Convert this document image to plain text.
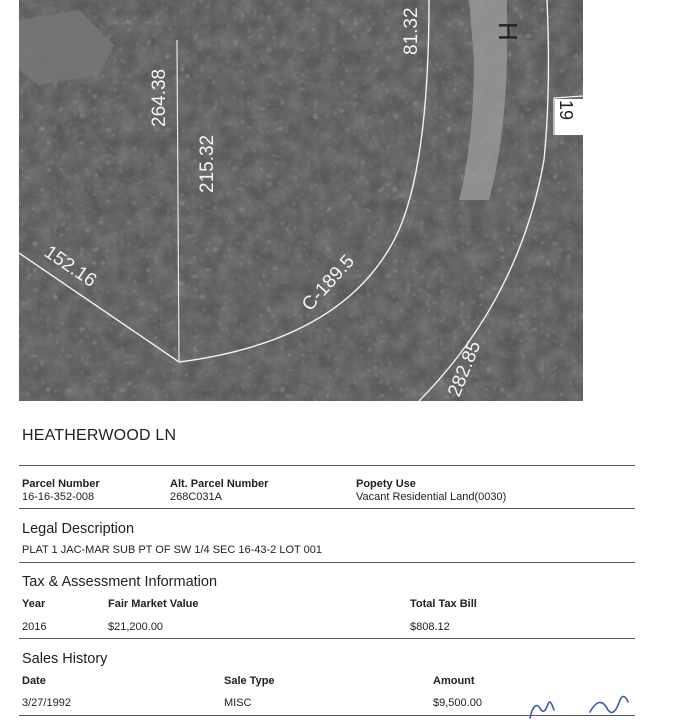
H
81.32
264.38
215.32
19
152.16	C-189.5
282.85
HEATHERWOOD LN
Parcel Number
16-16-352-008
Alt. Parcel Number
268C031A
Popety Use
Vacant Residential Land(0030)
Legal Description
PLAT 1 JAC-MAR SUB PT OF SW 1/4 SEC 16-43-2 LOT 001
Tax & Assessment Information
Year	Fair Market Value	Total Tax Bill
2016	$21,200.00	$808.12
Sales History
Date	Sale Type	Amount
3/27/1992	MISC	$9,500.00
